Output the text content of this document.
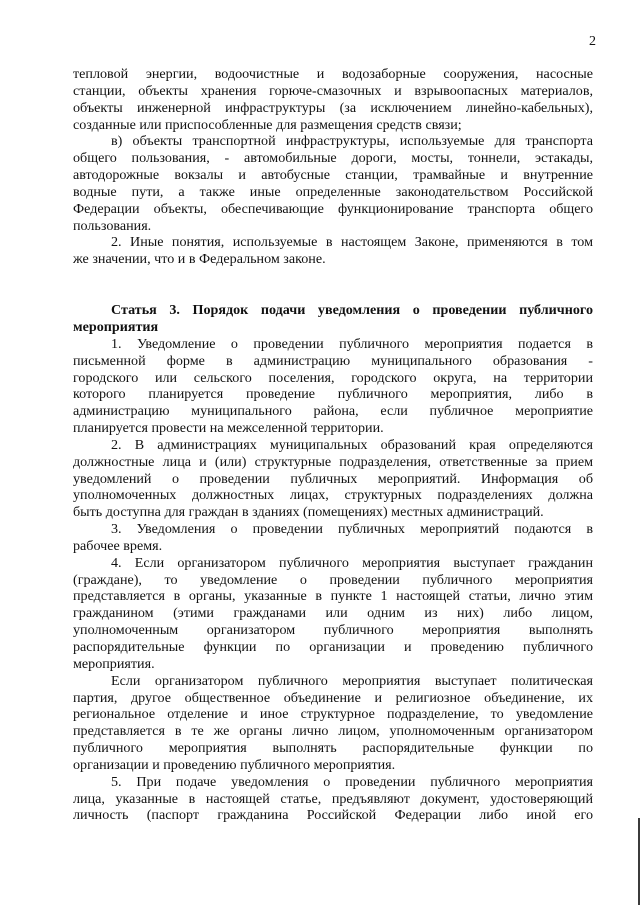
2

тепловой энергии, водоочистные и водозаборные сооружения, насосные

станции, объекты хранения горюче-смазочных и взрывоопасных материалов,

объекты инженерной инфраструктуры (за исключением линейно-кабельных),

созданные или приспособленные для размещения средств связи;

в) объекты транспортной инфраструктуры, используемые для транспорта

общего пользования, - автомобильные дороги, мосты, тоннели, эстакады,

автодорожные вокзалы и автобусные станции, трамвайные и внутренние

водные пути, а также иные определенные законодательством Российской

Федерации объекты, обеспечивающие функционирование транспорта общего

пользования.

2. Иные понятия, используемые в настоящем Законе, применяются в том

же значении, что и в Федеральном законе.

Статья 3. Порядок подачи уведомления о проведении публичного
мероприятия

1. Уведомление о проведении публичного мероприятия подается в

письменной форме в администрацию муниципального образования -

городского или сельского поселения, городского округа, на территории

которого планируется проведение публичного мероприятия, либо в

администрацию муниципального района, если публичное мероприятие

планируется провести на межселенной территории.

2. В администрациях муниципальных образований края определяются

должностные лица и (или) структурные подразделения, ответственные за прием

уведомлений о проведении публичных мероприятий. Информация об

уполномоченных должностных лицах, структурных подразделениях должна

быть доступна для граждан в зданиях (помещениях) местных администраций.

3. Уведомления о проведении публичных мероприятий подаются в

рабочее время.

4. Если организатором публичного мероприятия выступает гражданин

(граждане), то уведомление о проведении публичного мероприятия

представляется в органы, указанные в пункте 1 настоящей статьи, лично этим

гражданином (этими гражданами или одним из них) либо лицом,

уполномоченным организатором публичного мероприятия выполнять

распорядительные функции по организации и проведению публичного

мероприятия.

Если организатором публичного мероприятия выступает политическая

партия, другое общественное объединение и религиозное объединение, их

региональное отделение и иное структурное подразделение, то уведомление

представляется в те же органы лично лицом, уполномоченным организатором

публичного мероприятия выполнять распорядительные функции по

организации и проведению публичного мероприятия.

5. При подаче уведомления о проведении публичного мероприятия

лица, указанные в настоящей статье, предъявляют документ, удостоверяющий

личность (паспорт гражданина Российской Федерации либо иной его
